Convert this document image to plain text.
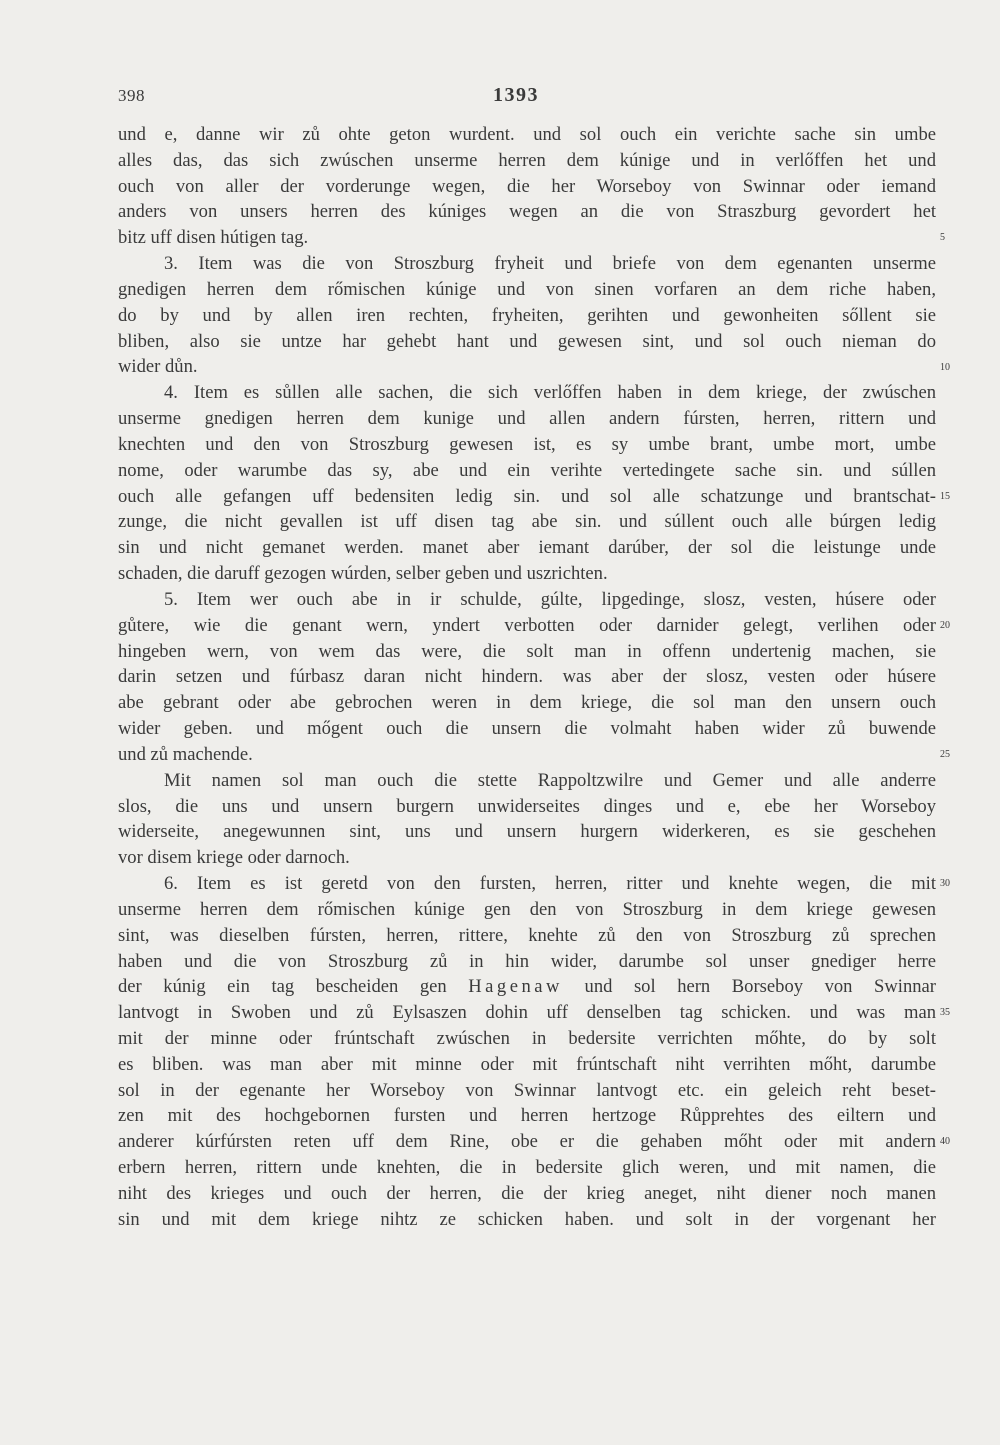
398	1393
und e, danne wir zů ohte geton wurdent. und sol ouch ein verichte sache sin umbe
alles das, das sich zwúschen unserme herren dem kúnige und in verlőffen het und
ouch von aller der vorderunge wegen, die her Worseboy von Swinnar oder iemand
anders von unsers herren des kúniges wegen an die von Straszburg gevordert het
bitz uff disen hútigen tag.
3. Item was die von Stroszburg fryheit und briefe von dem egenanten unserme
gnedigen herren dem rőmischen kúnige und von sinen vorfaren an dem riche haben,
do by und by allen iren rechten, fryheiten, gerihten und gewonheiten sőllent sie
bliben, also sie untze har gehebt hant und gewesen sint, und sol ouch nieman do
wider důn.
4. Item es sůllen alle sachen, die sich verlőffen haben in dem kriege, der zwúschen
unserme gnedigen herren dem kunige und allen andern fúrsten, herren, rittern und
knechten und den von Stroszburg gewesen ist, es sy umbe brant, umbe mort, umbe
nome, oder warumbe das sy, abe und ein verihte vertedingete sache sin. und súllen
ouch alle gefangen uff bedensiten ledig sin. und sol alle schatzunge und brantschat-
zunge, die nicht gevallen ist uff disen tag abe sin. und súllent ouch alle búrgen ledig
sin und nicht gemanet werden. manet aber iemant darúber, der sol die leistunge unde
schaden, die daruff gezogen wúrden, selber geben und uszrichten.
5. Item wer ouch abe in ir schulde, gúlte, lipgedinge, slosz, vesten, húsere oder
gůtere, wie die genant wern, yndert verbotten oder darnider gelegt, verlihen oder
hingeben wern, von wem das were, die solt man in offenn undertenig machen, sie
darin setzen und fúrbasz daran nicht hindern. was aber der slosz, vesten oder húsere
abe gebrant oder abe gebrochen weren in dem kriege, die sol man den unsern ouch
wider geben. und mőgent ouch die unsern die volmaht haben wider zů buwende
und zů machende.
Mit namen sol man ouch die stette Rappoltzwilre und Gemer und alle anderre
slos, die uns und unsern burgern unwiderseites dinges und e, ebe her Worseboy
widerseite, anegewunnen sint, uns und unsern hurgern widerkeren, es sie geschehen
vor disem kriege oder darnoch.
6. Item es ist geretd von den fursten, herren, ritter und knehte wegen, die mit
unserme herren dem rőmischen kúnige gen den von Stroszburg in dem kriege gewesen
sint, was dieselben fúrsten, herren, rittere, knehte zů den von Stroszburg zů sprechen
haben und die von Stroszburg zů in hin wider, darumbe sol unser gnediger herre
der kúnig ein tag bescheiden gen Hagenaw und sol hern Borseboy von Swinnar
lantvogt in Swoben und zů Eylsaszen dohin uff denselben tag schicken. und was man
mit der minne oder frúntschaft zwúschen in bedersite verrichten mőhte, do by solt
es bliben. was man aber mit minne oder mit frúntschaft niht verrihten mőht, darumbe
sol in der egenante her Worseboy von Swinnar lantvogt etc. ein geleich reht beset-
zen mit des hochgebornen fursten und herren hertzoge Růpprehtes des eiltern und
anderer kúrfúrsten reten uff dem Rine, obe er die gehaben mőht oder mit andern
erbern herren, rittern unde knehten, die in bedersite glich weren, und mit namen, die
niht des krieges und ouch der herren, die der krieg aneget, niht diener noch manen
sin und mit dem kriege nihtz ze schicken haben. und solt in der vorgenant her
5
10
15
20
25
30
35
40
